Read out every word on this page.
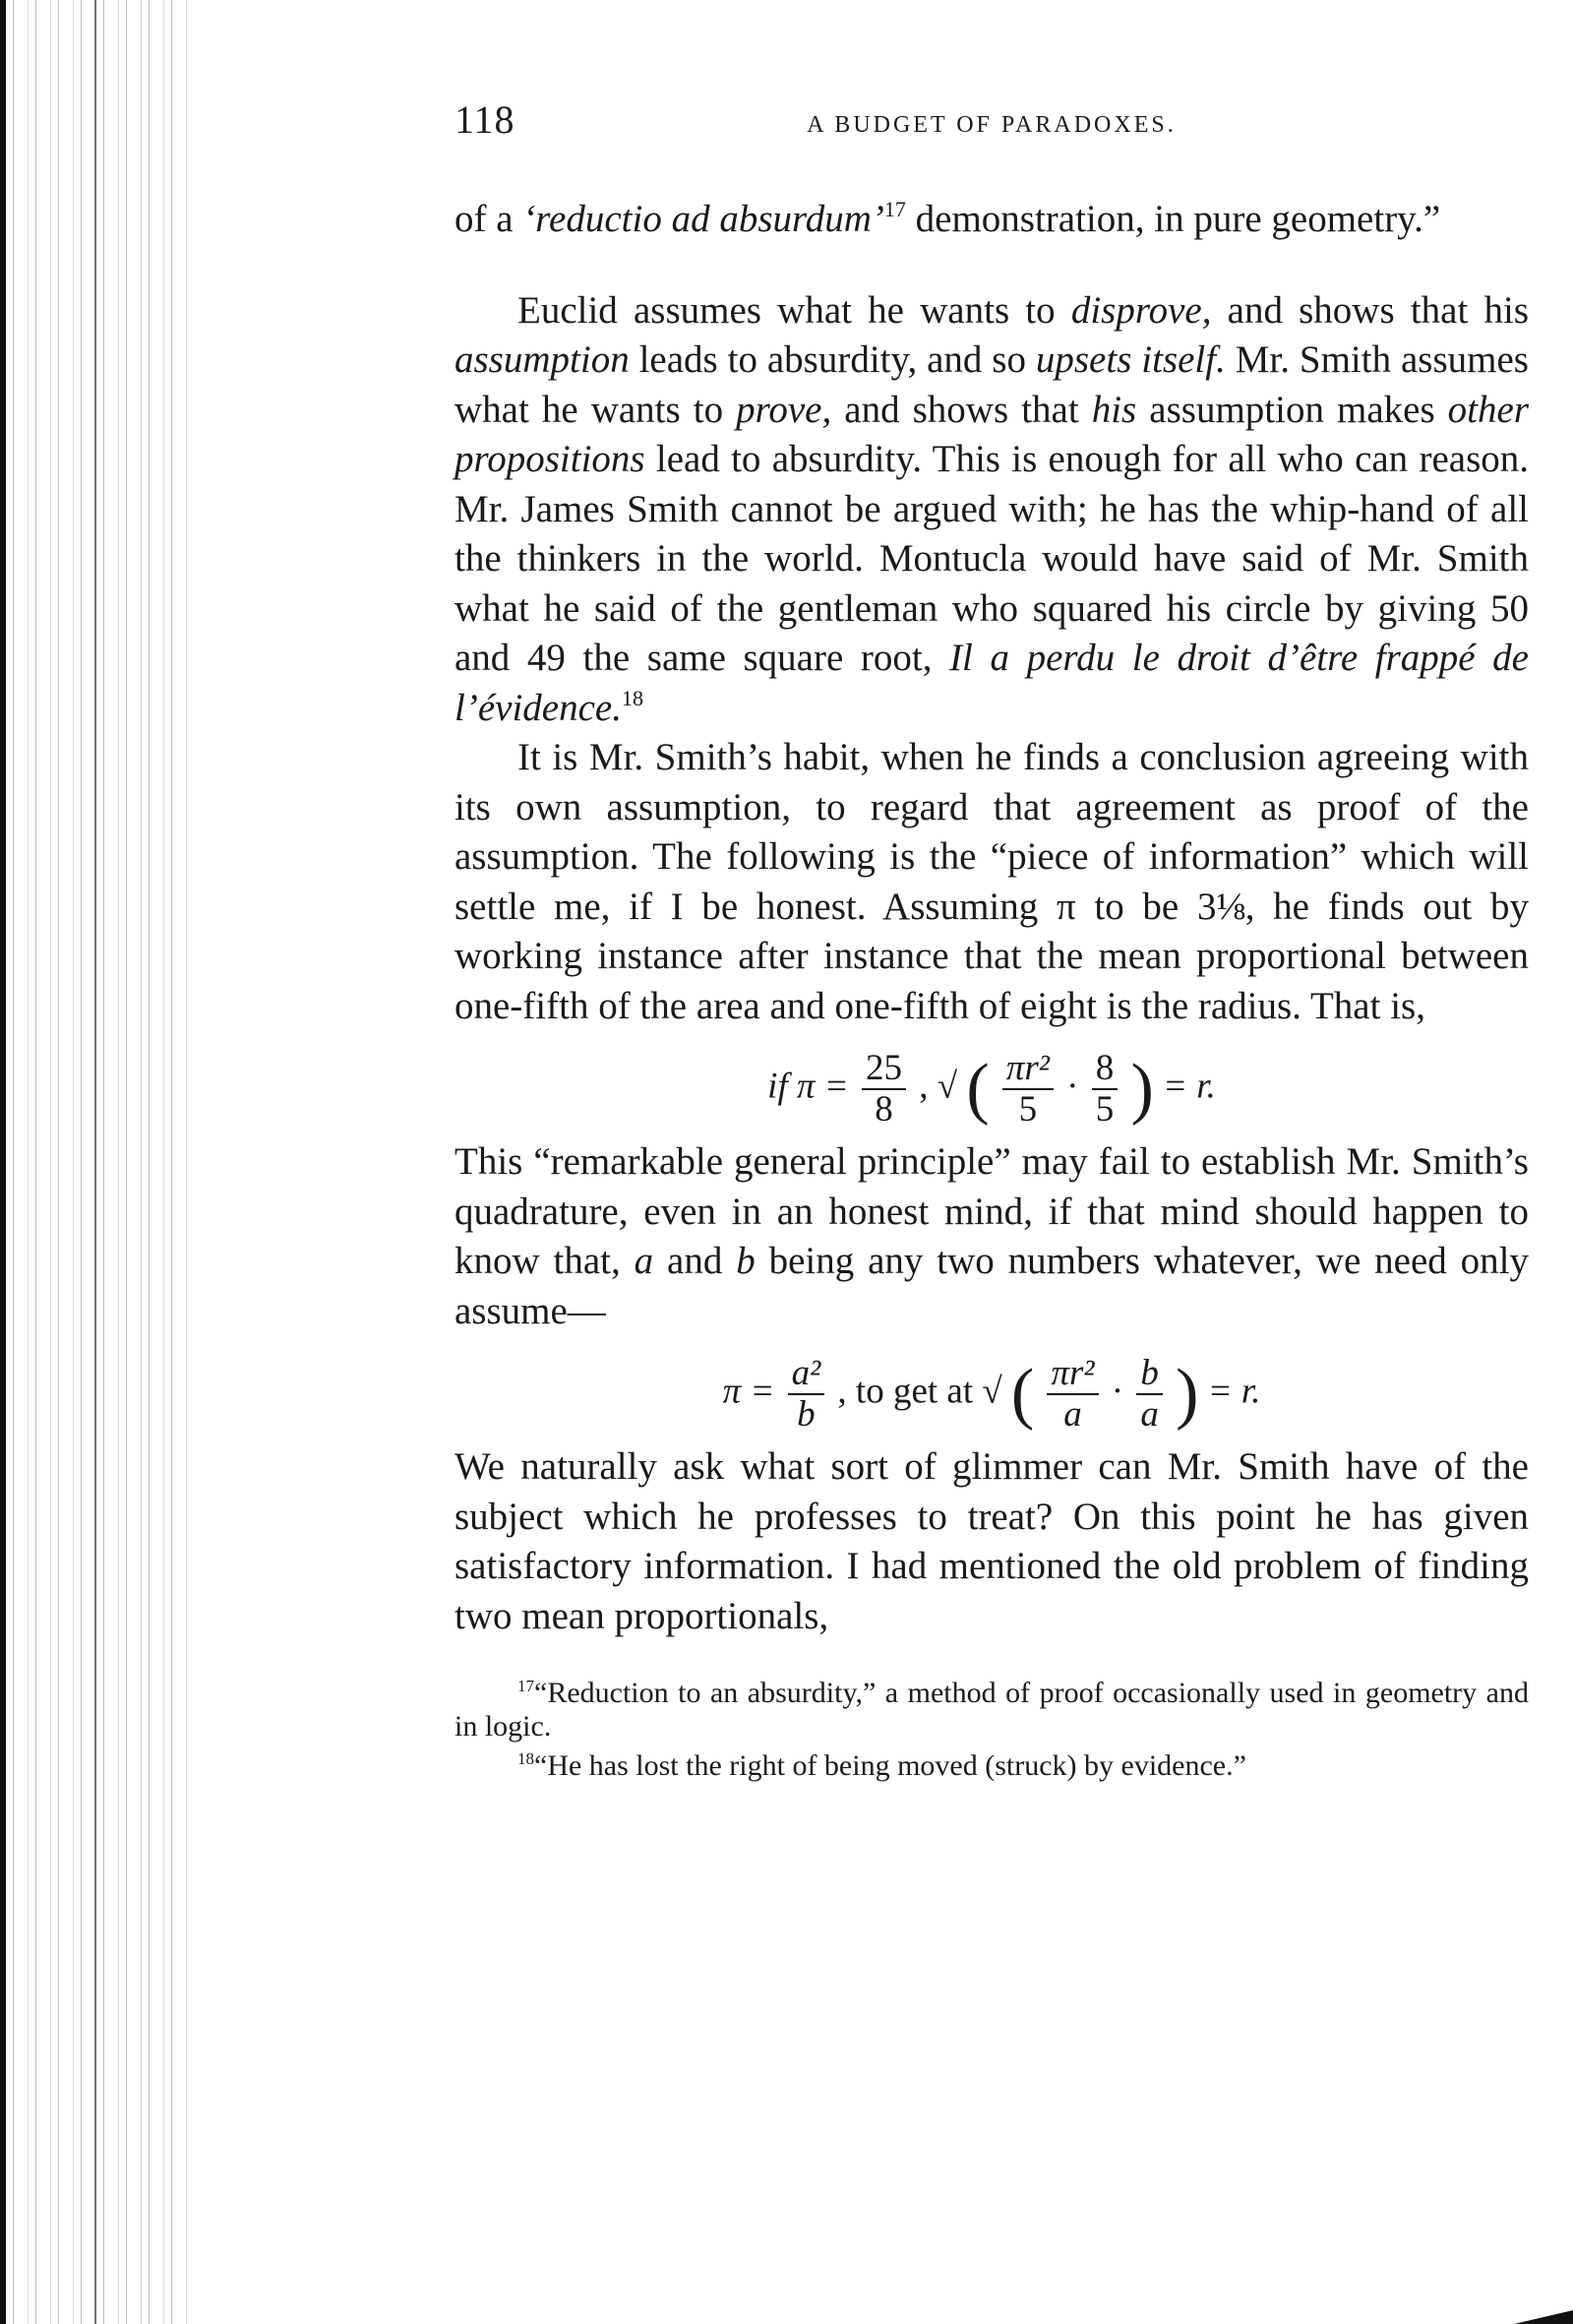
118	A BUDGET OF PARADOXES.

of a ‘reductio ad absurdum’$^{17}$ demonstration, in pure geometry.”

Euclid assumes what he wants to disprove, and shows that his assumption leads to absurdity, and so upsets itself. Mr. Smith assumes what he wants to prove, and shows that his assumption makes other propositions lead to absurdity. This is enough for all who can reason. Mr. James Smith cannot be argued with; he has the whip-hand of all the thinkers in the world. Montucla would have said of Mr. Smith what he said of the gentleman who squared his circle by giving 50 and 49 the same square root, Il a perdu le droit d’être frappé de l’évidence.$^{18}$

It is Mr. Smith’s habit, when he finds a conclusion agreeing with its own assumption, to regard that agreement as proof of the assumption. The following is the “piece of information” which will settle me, if I be honest. Assuming π to be 3⅛, he finds out by working instance after instance that the mean proportional between one-fifth of the area and one-fifth of eight is the radius. That is,

if $\pi = \frac{25}{8}$ , √ ( $\frac{\text{πr²}}{5} \cdot \frac{8}{5}$ ) = r.

This “remarkable general principle” may fail to establish Mr. Smith’s quadrature, even in an honest mind, if that mind should happen to know that, a and b being any two numbers whatever, we need only assume—

$\pi = \frac{\text{a²}}{b}$ , to get at √ ( $\frac{\text{πr²}}{a} \cdot \frac{b}{a}$ ) = r.

We naturally ask what sort of glimmer can Mr. Smith have of the subject which he professes to treat? On this point he has given satisfactory information. I had mentioned the old problem of finding two mean proportionals,

$^{17}$“Reduction to an absurdity,” a method of proof occasionally used in geometry and in logic.

$^{18}$“He has lost the right of being moved (struck) by evidence.”
